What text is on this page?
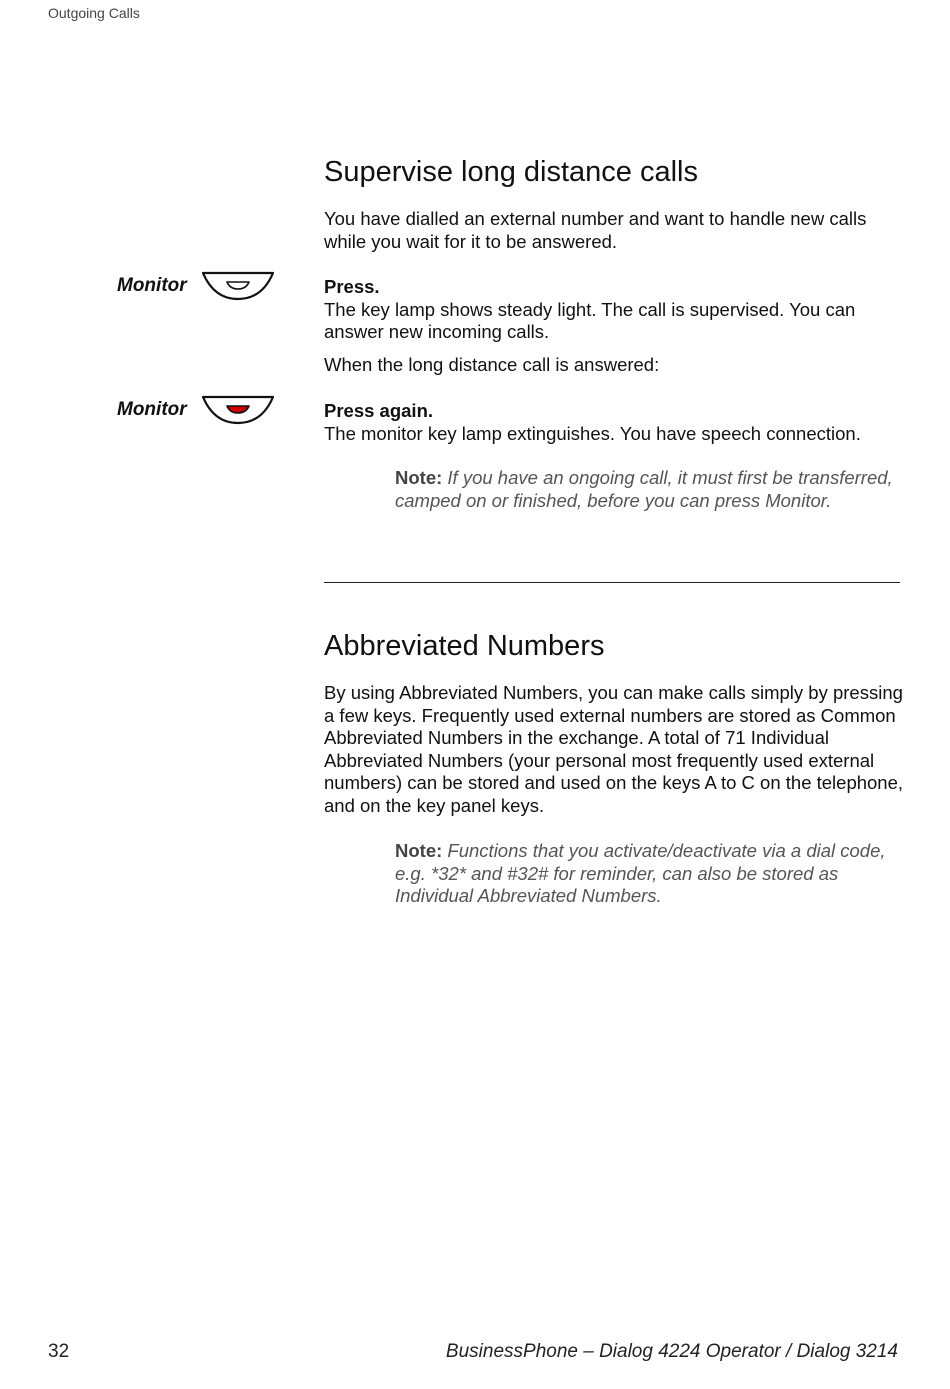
Outgoing Calls
Supervise long distance calls

You have dialled an external number and want to handle new calls while you wait for it to be answered.

Monitor	Press.
The key lamp shows steady light. The call is supervised. You can answer new incoming calls.

When the long distance call is answered:

Monitor	Press again.
The monitor key lamp extinguishes. You have speech connection.
Note: If you have an ongoing call, it must first be transferred, camped on or finished, before you can press Monitor.
Abbreviated Numbers

By using Abbreviated Numbers, you can make calls simply by pressing a few keys. Frequently used external numbers are stored as Common Abbreviated Numbers in the exchange. A total of 71 Individual Abbreviated Numbers (your personal most frequently used external numbers) can be stored and used on the keys A to C on the telephone, and on the key panel keys.

Note: Functions that you activate/deactivate via a dial code, e.g. *32* and #32# for reminder, can also be stored as Individual Abbreviated Numbers.
32	BusinessPhone – Dialog 4224 Operator / Dialog 3214
